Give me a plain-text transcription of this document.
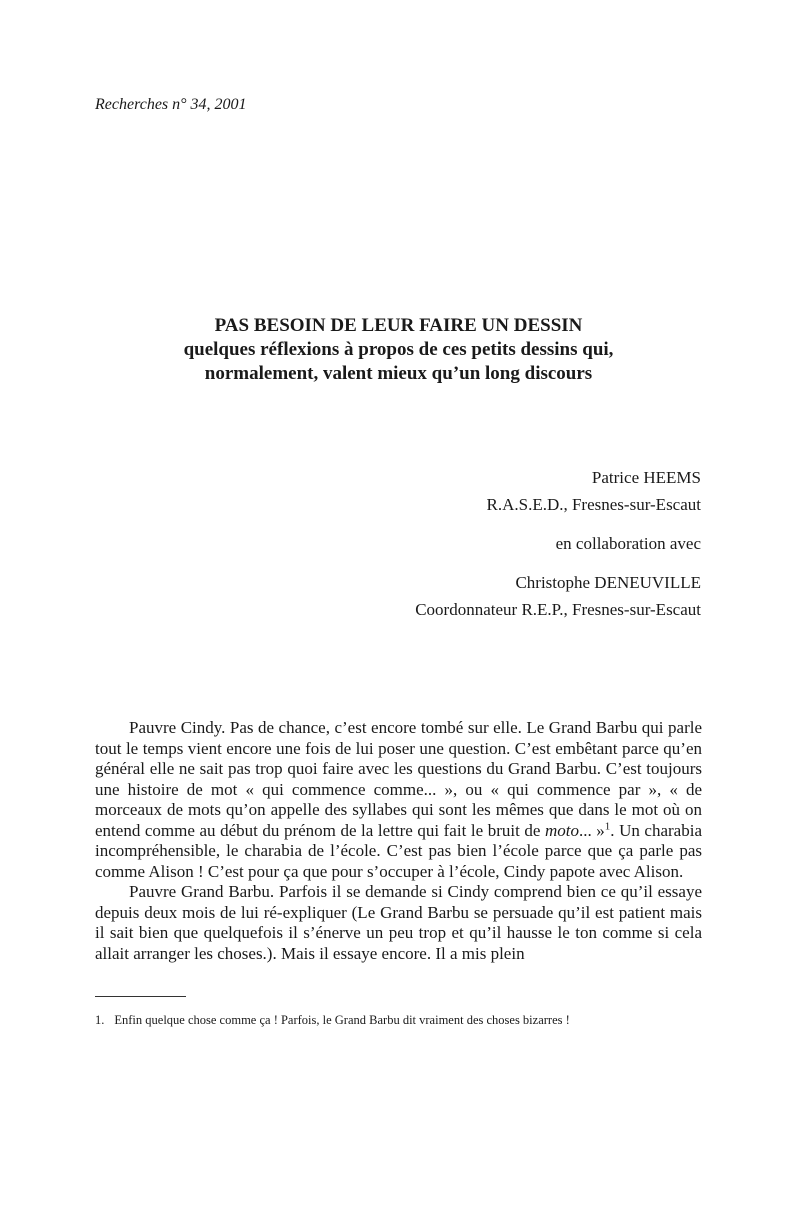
Recherches n° 34, 2001
PAS BESOIN DE LEUR FAIRE UN DESSIN
quelques réflexions à propos de ces petits dessins qui,
normalement, valent mieux qu’un long discours
Patrice HEEMS
R.A.S.E.D., Fresnes-sur-Escaut
en collaboration avec
Christophe DENEUVILLE
Coordonnateur R.E.P., Fresnes-sur-Escaut

Pauvre Cindy. Pas de chance, c’est encore tombé sur elle. Le Grand Barbu qui parle tout le temps vient encore une fois de lui poser une question. C’est embêtant parce qu’en général elle ne sait pas trop quoi faire avec les questions du Grand Barbu. C’est toujours une histoire de mot « qui commence comme... », ou « qui commence par », « de morceaux de mots qu’on appelle des syllabes qui sont les mêmes que dans le mot où on entend comme au début du prénom de la lettre qui fait le bruit de moto... »$^1$. Un charabia incompréhensible, le charabia de l’école. C’est pas bien l’école parce que ça parle pas comme Alison ! C’est pour ça que pour s’occuper à l’école, Cindy papote avec Alison.

Pauvre Grand Barbu. Parfois il se demande si Cindy comprend bien ce qu’il essaye depuis deux mois de lui ré-expliquer (Le Grand Barbu se persuade qu’il est patient mais il sait bien que quelquefois il s’énerve un peu trop et qu’il hausse le ton comme si cela allait arranger les choses.). Mais il essaye encore. Il a mis plein

1. Enfin quelque chose comme ça ! Parfois, le Grand Barbu dit vraiment des choses bizarres !
